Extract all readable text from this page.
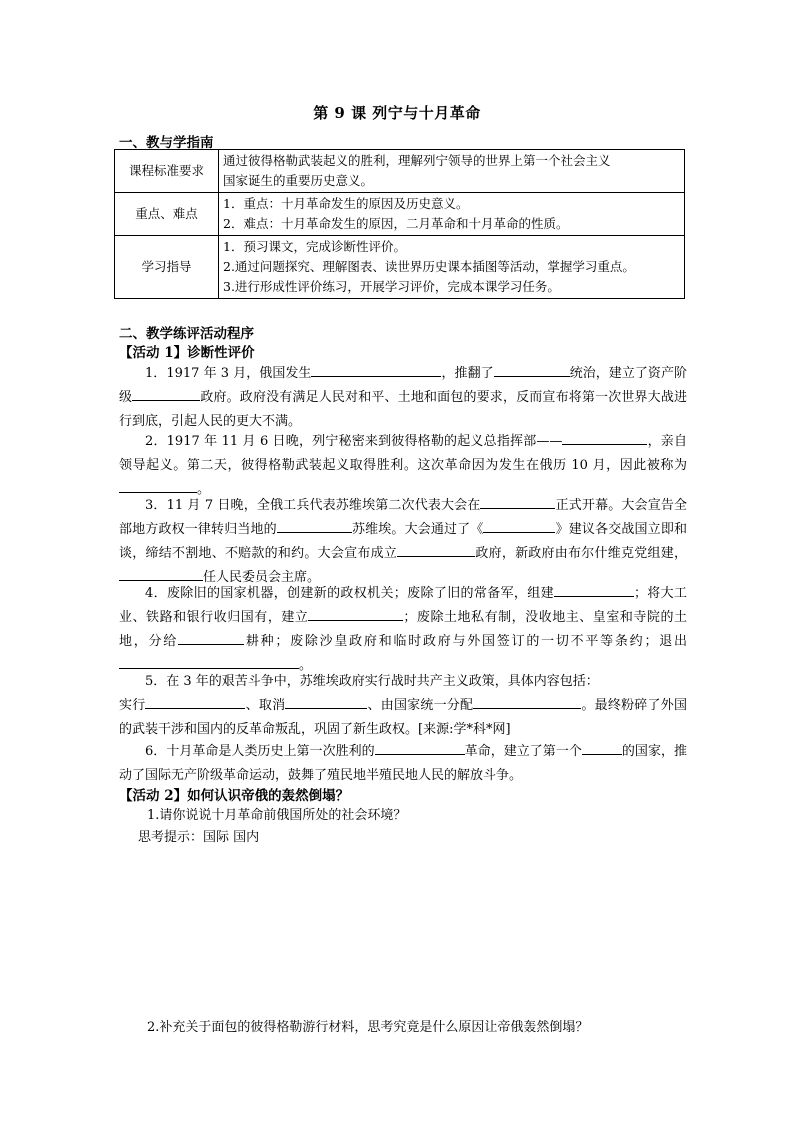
第 9 课 列宁与十月革命
一、教与学指南
课程标准要求	通过彼得格勒武装起义的胜利，理解列宁领导的世界上第一个社会主义
国家诞生的重要历史意义。

重点、难点	1．重点：十月革命发生的原因及历史意义。
2．难点：十月革命发生的原因，二月革命和十月革命的性质。

学习指导	1．预习课文，完成诊断性评价。
2.通过问题探究、理解图表、读世界历史课本插图等活动，掌握学习重点。
3.进行形成性评价练习，开展学习评价，完成本课学习任务。
二、教学练评活动程序
【活动 1】诊断性评价
1．1917 年 3 月，俄国发生	，推翻了	统治，建立了资产阶级	政府。政府没有满足人民对和平、土地和面包的要求，反而宣布将第一次世界大战进行到底，引起人民的更大不满。
2．1917 年 11 月 6 日晚，列宁秘密来到彼得格勒的起义总指挥部——	，亲自领导起义。第二天，彼得格勒武装起义取得胜利。这次革命因为发生在俄历 10 月，因此被称为。
3．11 月 7 日晚，全俄工兵代表苏维埃第二次代表大会在	正式开幕。大会宣告全部地方政权一律转归当地的	苏维埃。大会通过了《	》建议各交战国立即和谈，缔结不割地、不赔款的和约。大会宣布成立	政府，新政府由布尔什维克党组建，任人民委员会主席。
4．废除旧的国家机器，创建新的政权机关；废除了旧的常备军，组建	；将大工业、铁路和银行收归国有，建立	；废除土地私有制，没收地主、皇室和寺院的土地，分给	耕种；废除沙皇政府和临时政府与外国签订的一切不平等条约；退出。
5．在 3 年的艰苦斗争中，苏维埃政府实行战时共产主义政策，具体内容包括：
实行	、取消	、由国家统一分配	。最终粉碎了外国的武装干涉和国内的反革命叛乱，巩固了新生政权。[来源:学*科*网]
6．十月革命是人类历史上第一次胜利的	革命，建立了第一个	的国家，推动了国际无产阶级革命运动，鼓舞了殖民地半殖民地人民的解放斗争。
【活动 2】如何认识帝俄的轰然倒塌？
1.请你说说十月革命前俄国所处的社会环境？
思考提示：国际 国内
2.补充关于面包的彼得格勒游行材料，思考究竟是什么原因让帝俄轰然倒塌？
